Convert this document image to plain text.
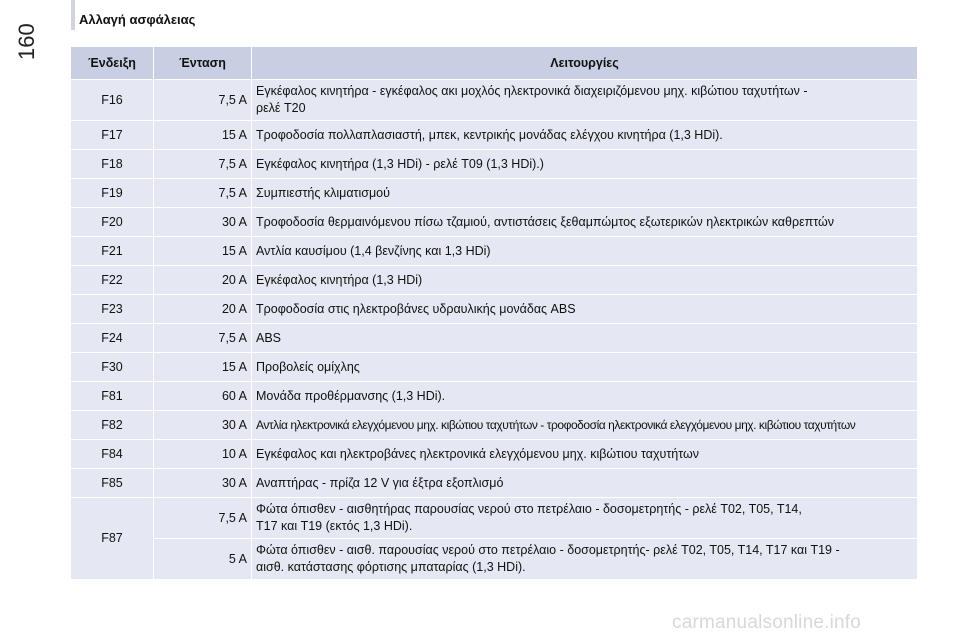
Αλλαγή ασφάλειας
160
Ένδειξη	Ένταση	Λειτουργίες
F16	7,5 A	Εγκέφαλος κινητήρα - εγκέφαλος ακι μοχλός ηλεκτρονικά διαχειριζόμενου μηχ. κιβώτιου ταχυτήτων -
ρελέ T20

F17	15 A	Τροφοδοσία πολλαπλασιαστή, μπεκ, κεντρικής μονάδας ελέγχου κινητήρα (1,3 HDi).
F18	7,5 A	Εγκέφαλος κινητήρα (1,3 HDi) - ρελέ T09 (1,3 HDi).)
F19	7,5 A	Συμπιεστής κλιματισμού
F20	30 A	Τροφοδοσία θερμαινόμενου πίσω τζαμιού, αντιστάσεις ξεθαμπώμτος εξωτερικών ηλεκτρικών καθρεπτών
F21	15 A	Αντλία καυσίμου (1,4 βενζίνης και 1,3 HDi)
F22	20 A	Εγκέφαλος κινητήρα (1,3 HDi)
F23	20 A	Τροφοδοσία στις ηλεκτροβάνες υδραυλικής μονάδας ABS
F24	7,5 A	ABS
F30	15 A	Προβολείς ομίχλης
F81	60 A	Μονάδα προθέρμανσης (1,3 HDi).
F82	30 A	Αντλία ηλεκτρονικά ελεγχόμενου μηχ. κιβώτιου ταχυτήτων - τροφοδοσία ηλεκτρονικά ελεγχόμενου μηχ. κιβώτιου ταχυτήτων
F84	10 A	Εγκέφαλος και ηλεκτροβάνες ηλεκτρονικά ελεγχόμενου μηχ. κιβώτιου ταχυτήτων
F85	30 A	Αναπτήρας - πρίζα 12 V για έξτρα εξοπλισμό
F87	7,5 A	Φώτα όπισθεν - αισθητήρας παρουσίας νερού στο πετρέλαιο - δοσομετρητής - ρελέ T02, T05, T14,
T17 και T19 (εκτός 1,3 HDi).

	5 A	Φώτα όπισθεν - αισθ. παρουσίας νερού στο πετρέλαιο - δοσομετρητής- ρελέ T02, T05, T14, T17 και T19 -
αισθ. κατάστασης φόρτισης μπαταρίας (1,3 HDi).
carmanualsonline.info
